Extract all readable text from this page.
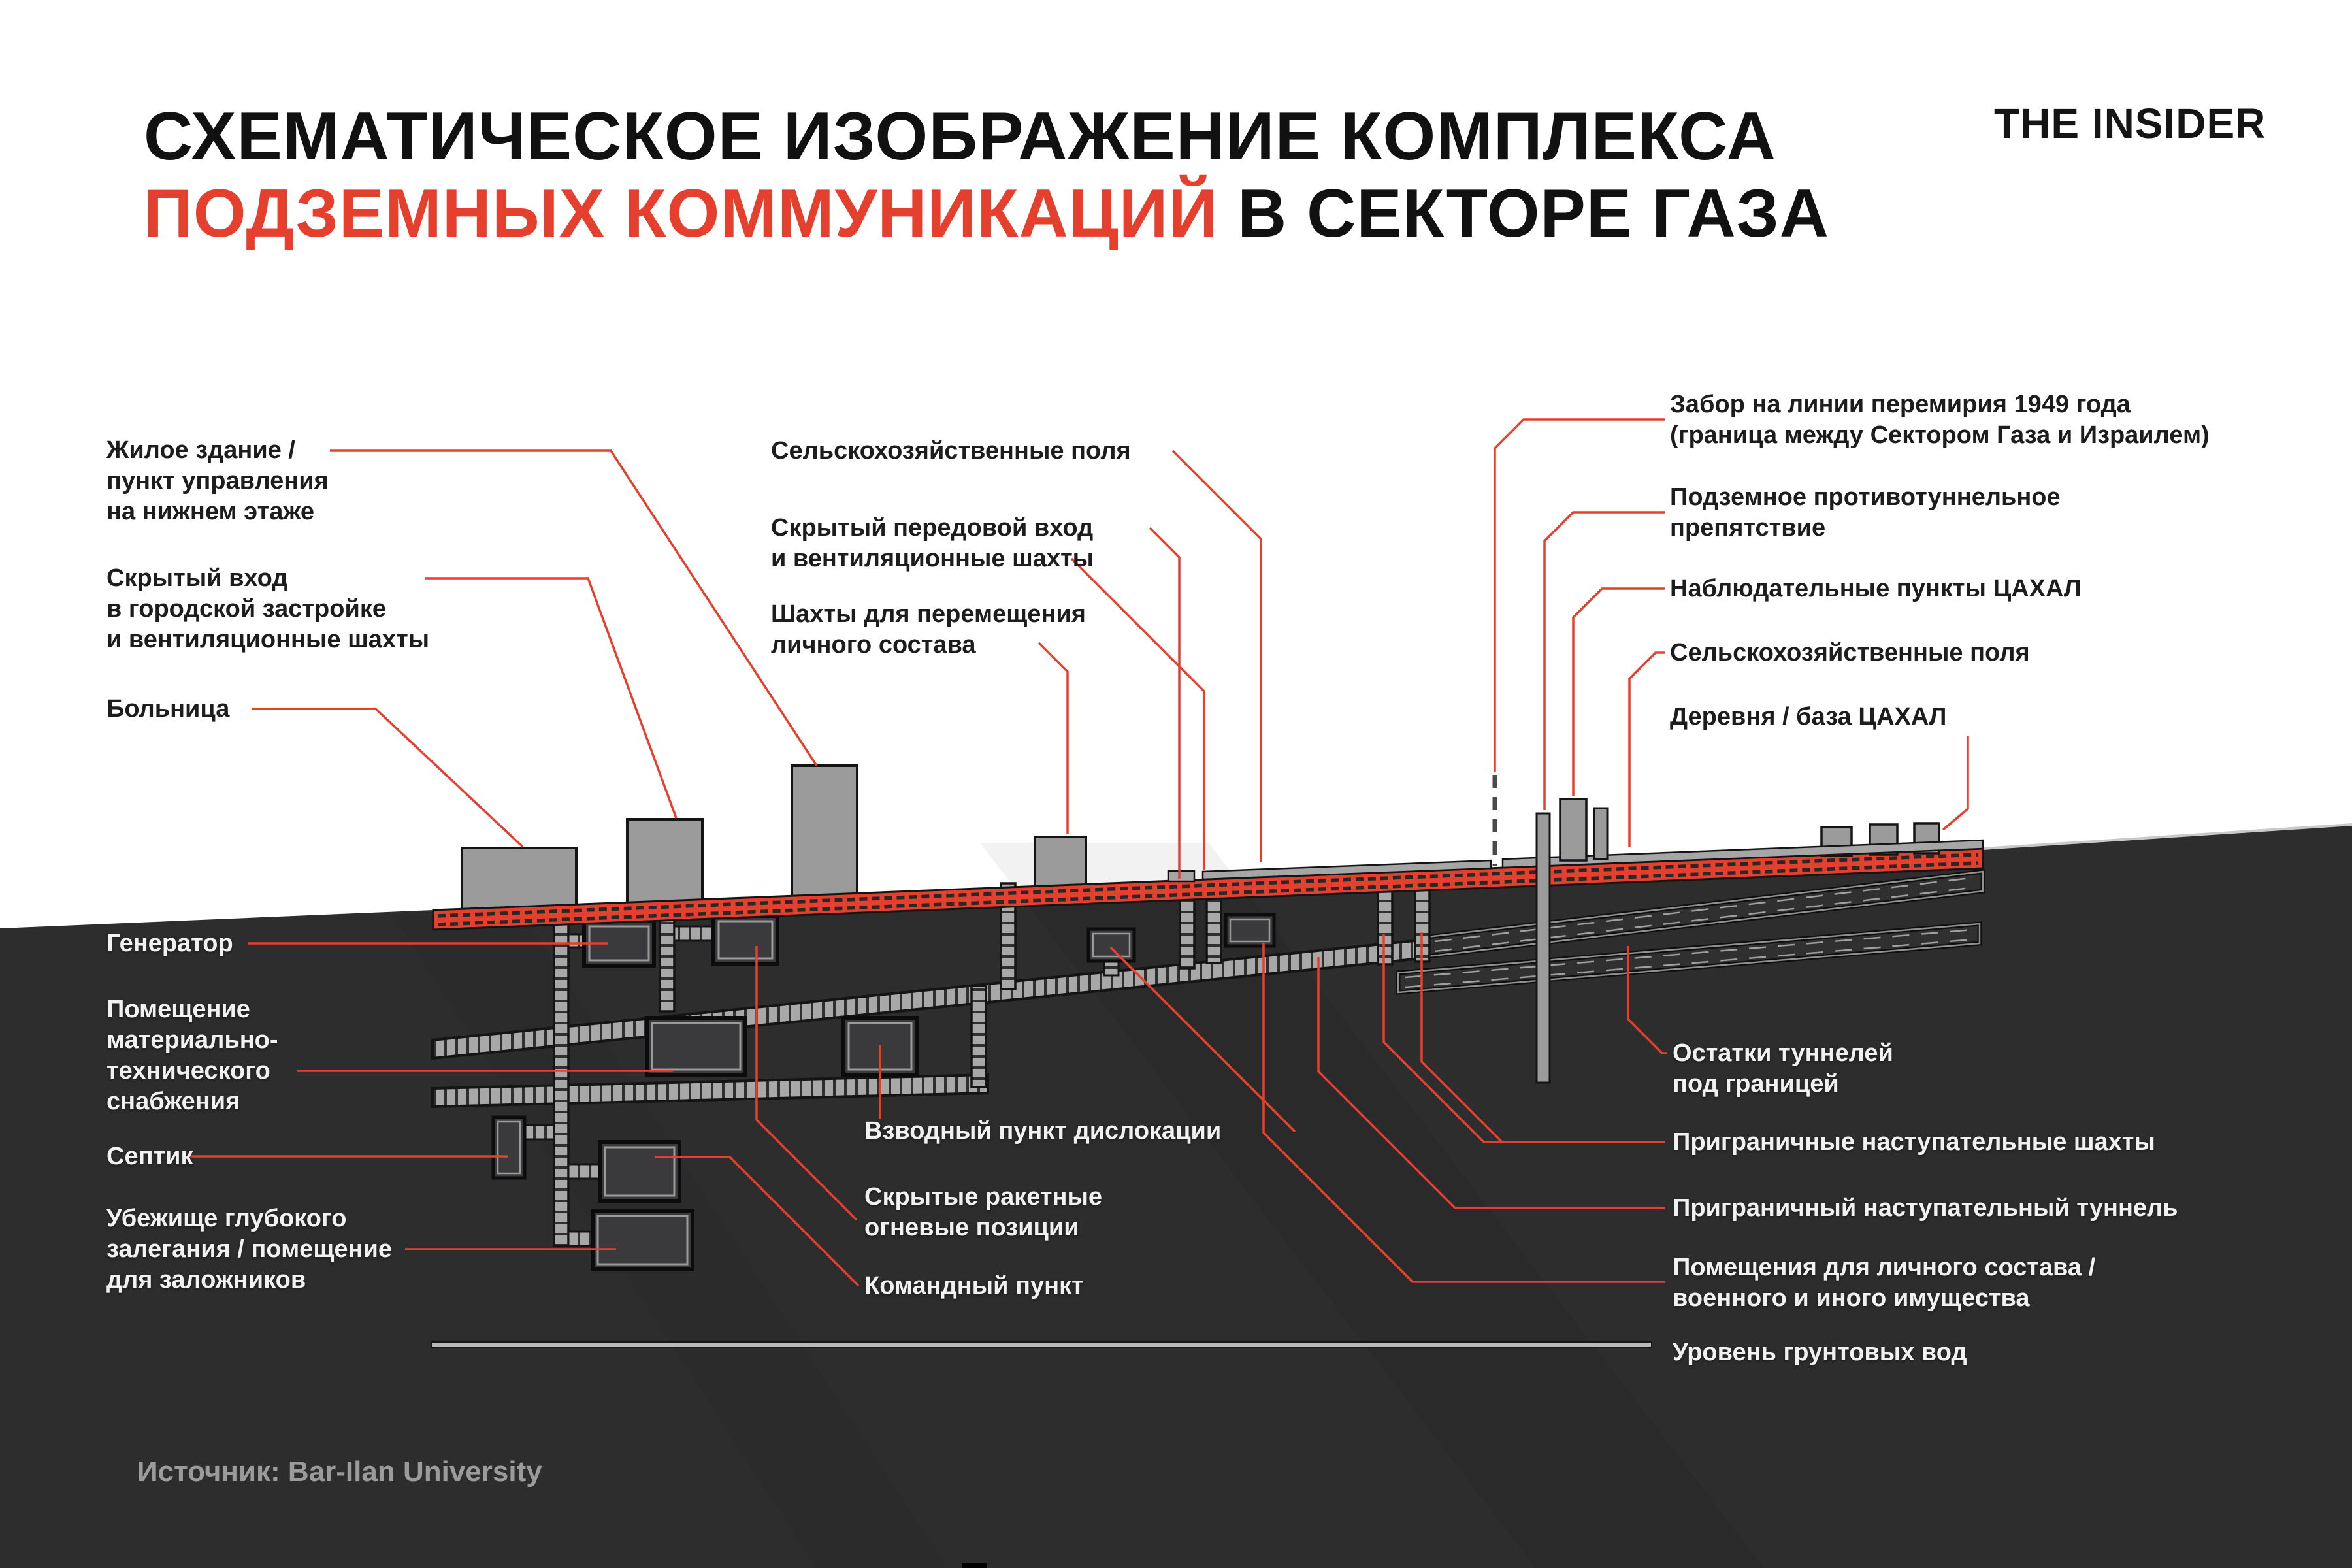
СХЕМАТИЧЕСКОЕ ИЗОБРАЖЕНИЕ КОМПЛЕКСА
ПОДЗЕМНЫХ КОММУНИКАЦИЙ В СЕКТОРЕ ГАЗА
THE INSIDER
Жилое здание /
пункт управления
на нижнем этаже
Скрытый вход
в городской застройке
и вентиляционные шахты
Больница
Сельскохозяйственные поля
Скрытый передовой вход
и вентиляционные шахты
Шахты для перемещения
личного состава
Забор на линии перемирия 1949 года
(граница между Сектором Газа и Израилем)
Подземное противотуннельное
препятствие
Наблюдательные пункты ЦАХАЛ
Сельскохозяйственные поля
Деревня / база ЦАХАЛ
Генератор
Помещение
материально-
технического
снабжения
Септик
Убежище глубокого
залегания / помещение
для заложников
Взводный пункт дислокации
Скрытые ракетные
огневые позиции
Командный пункт
Остатки туннелей
под границей
Приграничные наступательные шахты
Приграничный наступательный туннель
Помещения для личного состава /
военного и иного имущества
Уровень грунтовых вод
Источник: Bar-Ilan University
